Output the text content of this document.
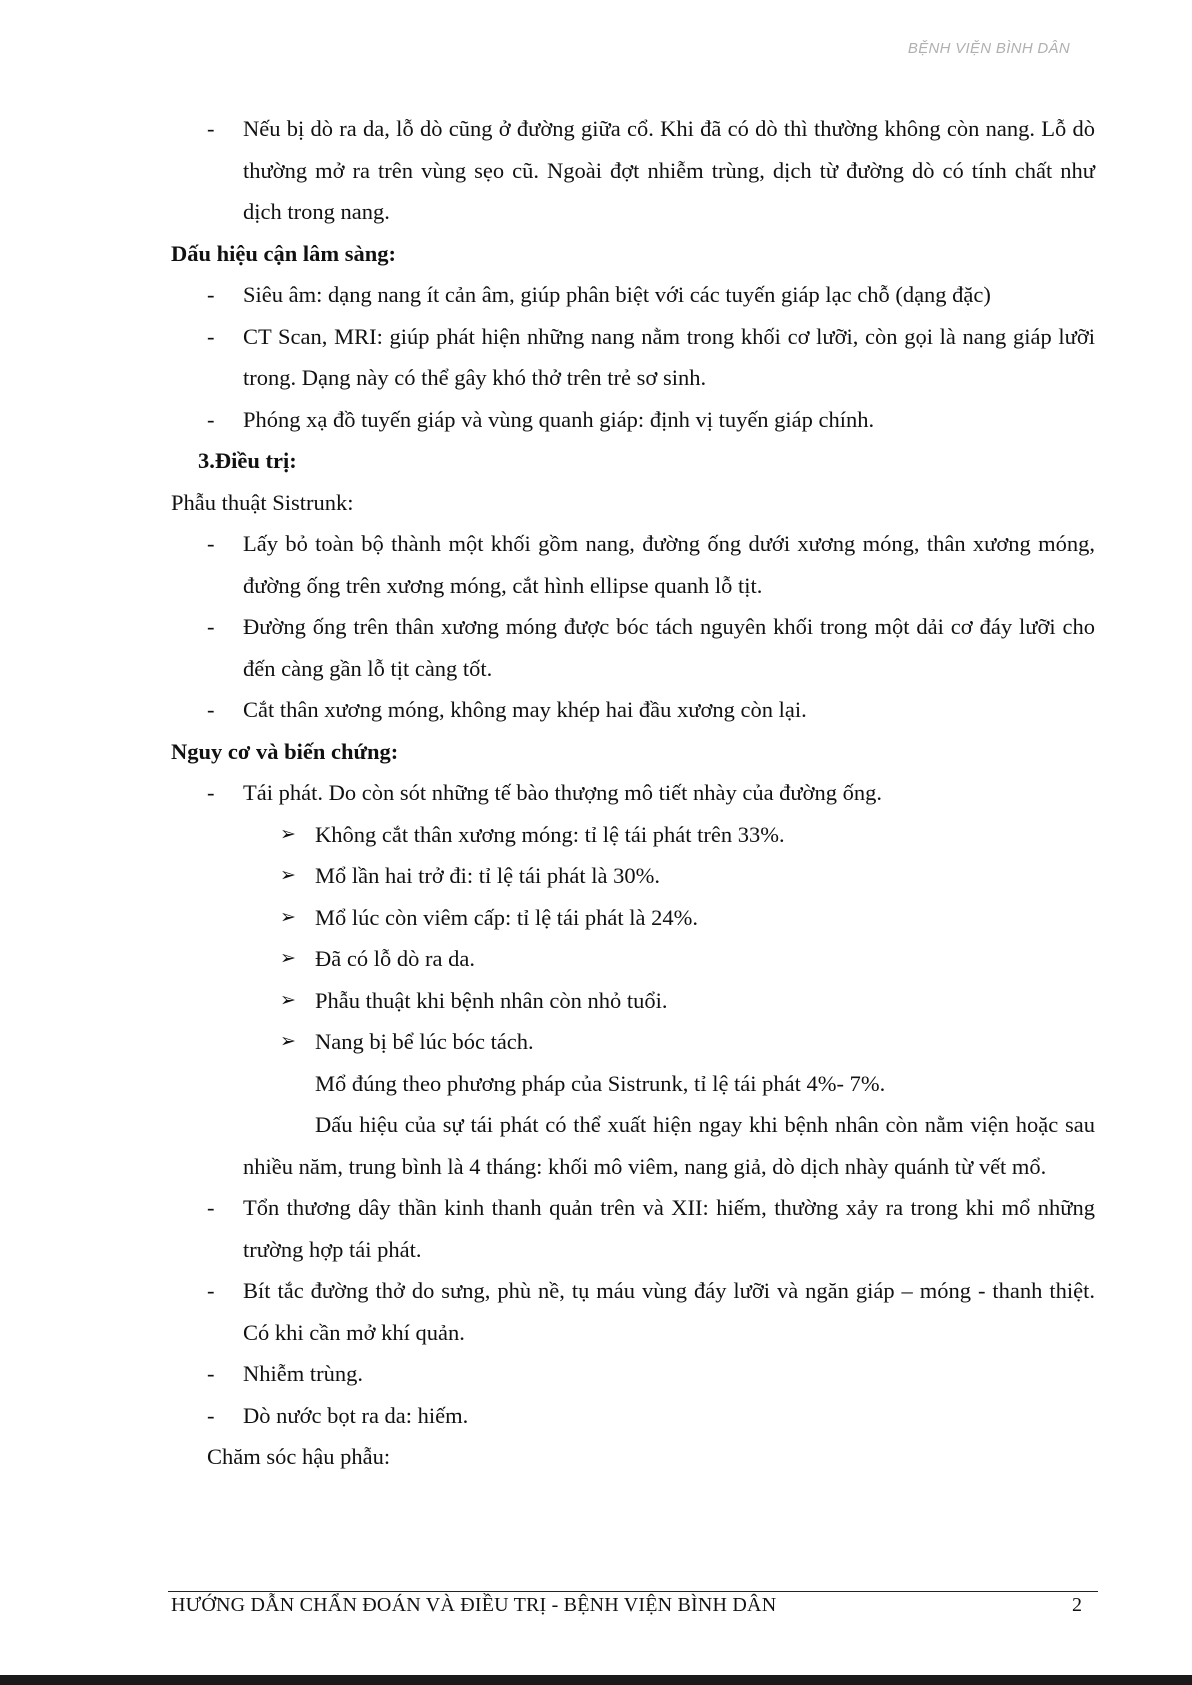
BỆNH VIỆN BÌNH DÂN

- Nếu bị dò ra da, lỗ dò cũng ở đường giữa cổ. Khi đã có dò thì thường không còn nang. Lỗ dò thường mở ra trên vùng sẹo cũ. Ngoài đợt nhiễm trùng, dịch từ đường dò có tính chất như dịch trong nang.

Dấu hiệu cận lâm sàng:

- Siêu âm: dạng nang ít cản âm, giúp phân biệt với các tuyến giáp lạc chỗ (dạng đặc)

- CT Scan, MRI: giúp phát hiện những nang nằm trong khối cơ lưỡi, còn gọi là nang giáp lưỡi trong. Dạng này có thể gây khó thở trên trẻ sơ sinh.

- Phóng xạ đồ tuyến giáp và vùng quanh giáp: định vị tuyến giáp chính.

3.Điều trị:

Phẫu thuật Sistrunk:

- Lấy bỏ toàn bộ thành một khối gồm nang, đường ống dưới xương móng, thân xương móng, đường ống trên xương móng, cắt hình ellipse quanh lỗ tịt.

- Đường ống trên thân xương móng được bóc tách nguyên khối trong một dải cơ đáy lưỡi cho đến càng gần lỗ tịt càng tốt.

- Cắt thân xương móng, không may khép hai đầu xương còn lại.

Nguy cơ và biến chứng:

- Tái phát. Do còn sót những tế bào thượng mô tiết nhày của đường ống.

➢ Không cắt thân xương móng: tỉ lệ tái phát trên 33%.

➢ Mổ lần hai trở đi: tỉ lệ tái phát là 30%.

➢ Mổ lúc còn viêm cấp: tỉ lệ tái phát là 24%.

➢ Đã có lỗ dò ra da.

➢ Phẫu thuật khi bệnh nhân còn nhỏ tuổi.

➢ Nang bị bể lúc bóc tách.

Mổ đúng theo phương pháp của Sistrunk, tỉ lệ tái phát 4%- 7%.

Dấu hiệu của sự tái phát có thể xuất hiện ngay khi bệnh nhân còn nằm viện hoặc sau nhiều năm, trung bình là 4 tháng: khối mô viêm, nang giả, dò dịch nhày quánh từ vết mổ.

- Tổn thương dây thần kinh thanh quản trên và XII: hiếm, thường xảy ra trong khi mổ những trường hợp tái phát.

- Bít tắc đường thở do sưng, phù nề, tụ máu vùng đáy lưỡi và ngăn giáp – móng - thanh thiệt. Có khi cần mở khí quản.

- Nhiễm trùng.

- Dò nước bọt ra da: hiếm.

Chăm sóc hậu phẫu:

HƯỚNG DẪN CHẨN ĐOÁN VÀ ĐIỀU TRỊ - BỆNH VIỆN BÌNH DÂN	2
